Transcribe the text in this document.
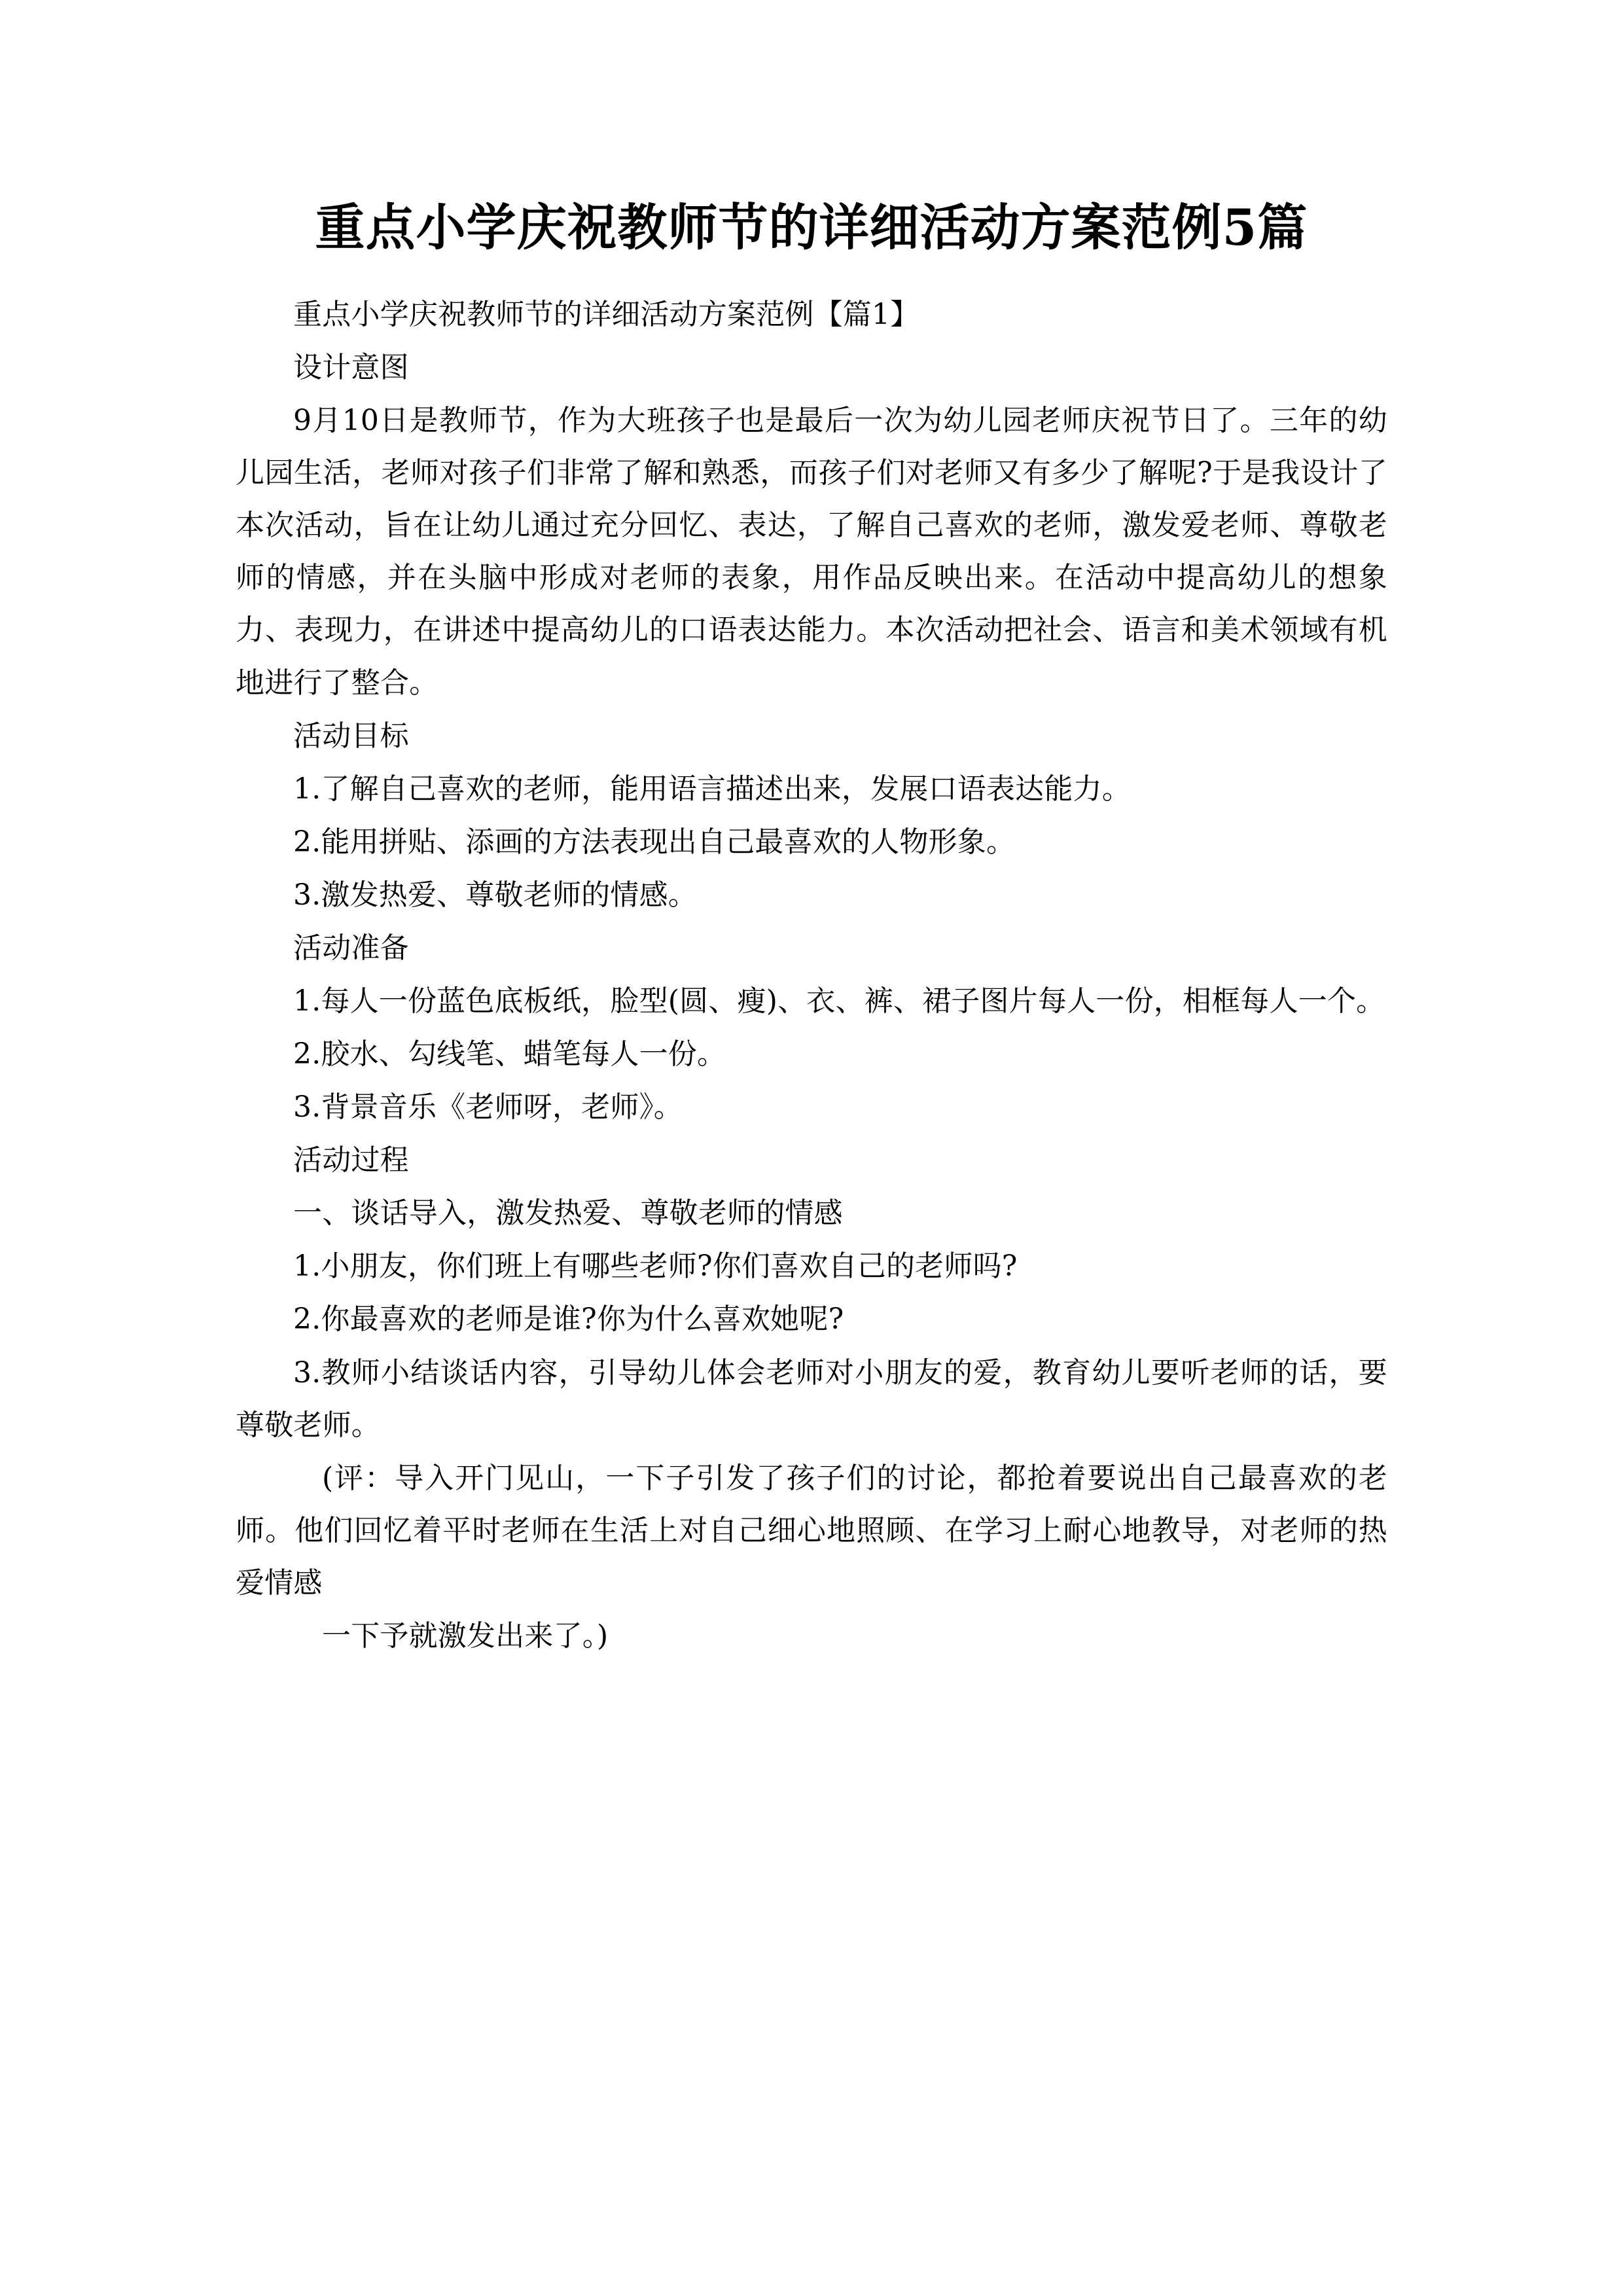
重点小学庆祝教师节的详细活动方案范例5篇

重点小学庆祝教师节的详细活动方案范例【篇1】

设计意图

9月10日是教师节，作为大班孩子也是最后一次为幼儿园老师庆祝节日了。三年的幼儿园生活，老师对孩子们非常了解和熟悉，而孩子们对老师又有多少了解呢?于是我设计了本次活动，旨在让幼儿通过充分回忆、表达，了解自己喜欢的老师，激发爱老师、尊敬老师的情感，并在头脑中形成对老师的表象，用作品反映出来。在活动中提高幼儿的想象力、表现力，在讲述中提高幼儿的口语表达能力。本次活动把社会、语言和美术领域有机地进行了整合。

活动目标

1.了解自己喜欢的老师，能用语言描述出来，发展口语表达能力。

2.能用拼贴、添画的方法表现出自己最喜欢的人物形象。

3.激发热爱、尊敬老师的情感。

活动准备

1.每人一份蓝色底板纸，脸型(圆、瘦)、衣、裤、裙子图片每人一份，相框每人一个。

2.胶水、勾线笔、蜡笔每人一份。

3.背景音乐《老师呀，老师》。

活动过程

一、谈话导入，激发热爱、尊敬老师的情感

1.小朋友，你们班上有哪些老师?你们喜欢自己的老师吗?

2.你最喜欢的老师是谁?你为什么喜欢她呢?

3.教师小结谈话内容，引导幼儿体会老师对小朋友的爱，教育幼儿要听老师的话，要尊敬老师。

(评：导入开门见山，一下子引发了孩子们的讨论，都抢着要说出自己最喜欢的老师。他们回忆着平时老师在生活上对自己细心地照顾、在学习上耐心地教导，对老师的热爱情感

一下予就激发出来了。)
